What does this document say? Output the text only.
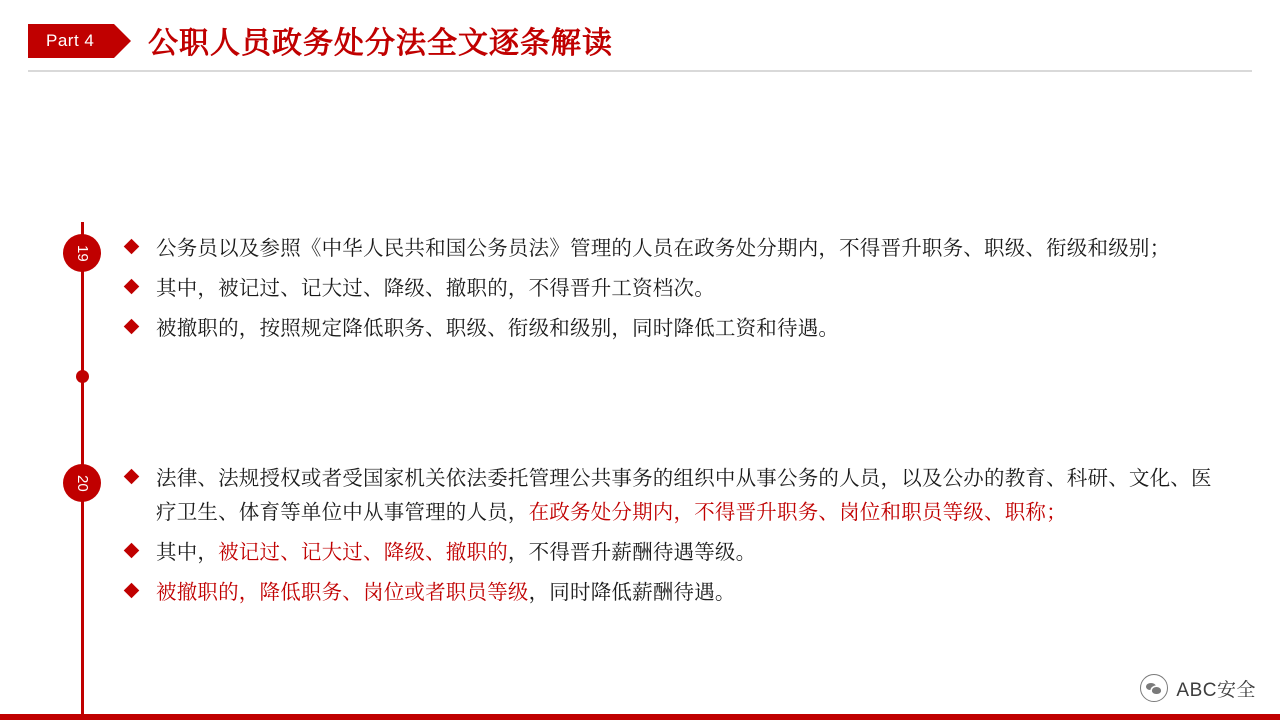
Part 4	公职人员政务处分法全文逐条解读
19
20
公务员以及参照《中华人民共和国公务员法》管理的人员在政务处分期内，不得晋升职务、职级、衔级和级别；
其中，被记过、记大过、降级、撤职的，不得晋升工资档次。
被撤职的，按照规定降低职务、职级、衔级和级别，同时降低工资和待遇。
法律、法规授权或者受国家机关依法委托管理公共事务的组织中从事公务的人员，以及公办的教育、科研、文化、医疗卫生、体育等单位中从事管理的人员，在政务处分期内，不得晋升职务、岗位和职员等级、职称；
其中，被记过、记大过、降级、撤职的，不得晋升薪酬待遇等级。
被撤职的，降低职务、岗位或者职员等级，同时降低薪酬待遇。
ABC安全
